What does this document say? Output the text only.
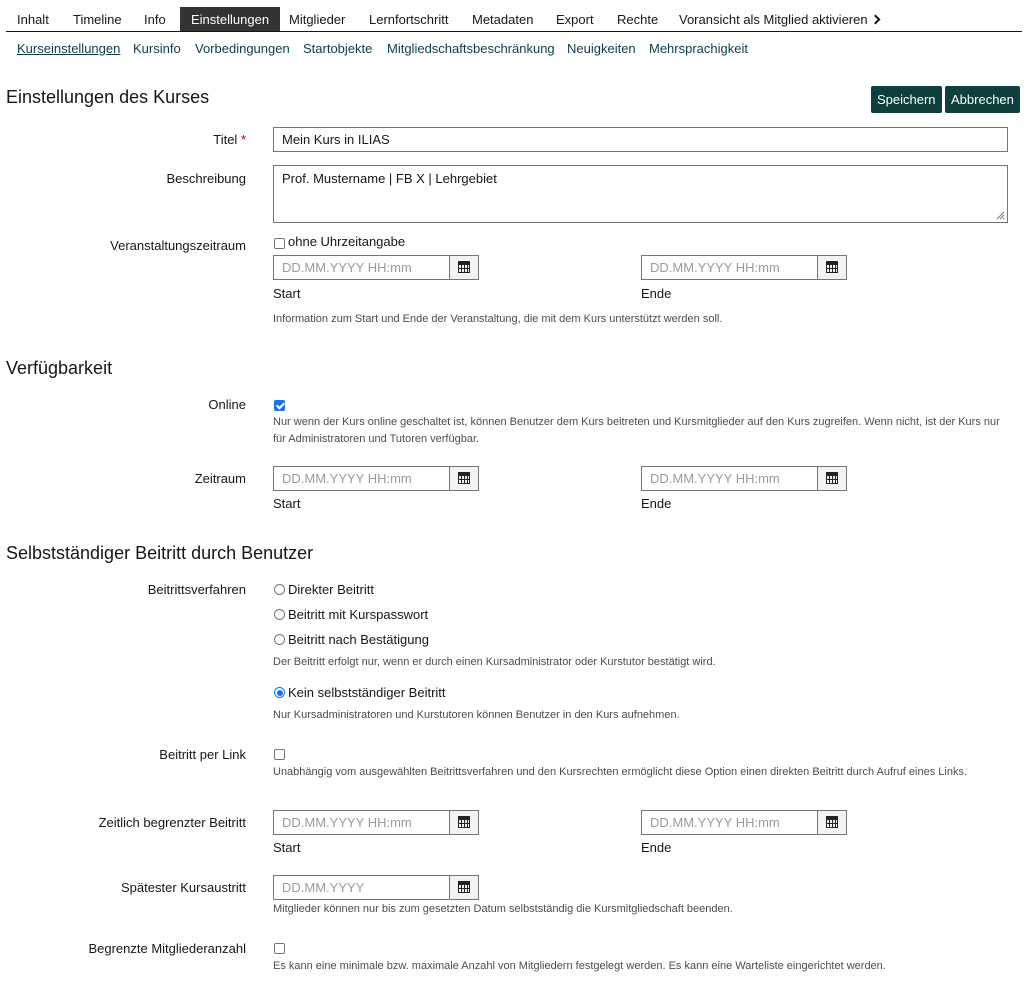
Inhalt	Timeline	Info	Einstellungen	Mitglieder	Lernfortschritt	Metadaten	Export	Rechte	Voransicht als Mitglied aktivieren
Kurseinstellungen Kursinfo Vorbedingungen Startobjekte Mitgliedschaftsbeschränkung Neuigkeiten Mehrsprachigkeit
Einstellungen des Kurses	Speichern	Abbrechen
Titel *	Mein Kurs in ILIAS
Beschreibung	Prof. Mustername | FB X | Lehrgebiet
Veranstaltungszeitraum	ohne Uhrzeitangabe
DD.MM.YYYY HH:mm
Start
DD.MM.YYYY HH:mm
Ende
Information zum Start und Ende der Veranstaltung, die mit dem Kurs unterstützt werden soll.
Verfügbarkeit
Online
Nur wenn der Kurs online geschaltet ist, können Benutzer dem Kurs beitreten und Kursmitglieder auf den Kurs zugreifen. Wenn nicht, ist der Kurs nur für Administratoren und Tutoren verfügbar.
Zeitraum	DD.MM.YYYY HH:mm
Start
DD.MM.YYYY HH:mm
Ende
Selbstständiger Beitritt durch Benutzer
Beitrittsverfahren	Direkter Beitritt
Beitritt mit Kurspasswort
Beitritt nach Bestätigung
Der Beitritt erfolgt nur, wenn er durch einen Kursadministrator oder Kurstutor bestätigt wird.
Kein selbstständiger Beitritt
Nur Kursadministratoren und Kurstutoren können Benutzer in den Kurs aufnehmen.
Beitritt per Link
Unabhängig vom ausgewählten Beitrittsverfahren und den Kursrechten ermöglicht diese Option einen direkten Beitritt durch Aufruf eines Links.
Zeitlich begrenzter Beitritt	DD.MM.YYYY HH:mm
Start
DD.MM.YYYY HH:mm
Ende
Spätester Kursaustritt	DD.MM.YYYY
Mitglieder können nur bis zum gesetzten Datum selbstständig die Kursmitgliedschaft beenden.
Begrenzte Mitgliederanzahl
Es kann eine minimale bzw. maximale Anzahl von Mitgliedern festgelegt werden. Es kann eine Warteliste eingerichtet werden.
